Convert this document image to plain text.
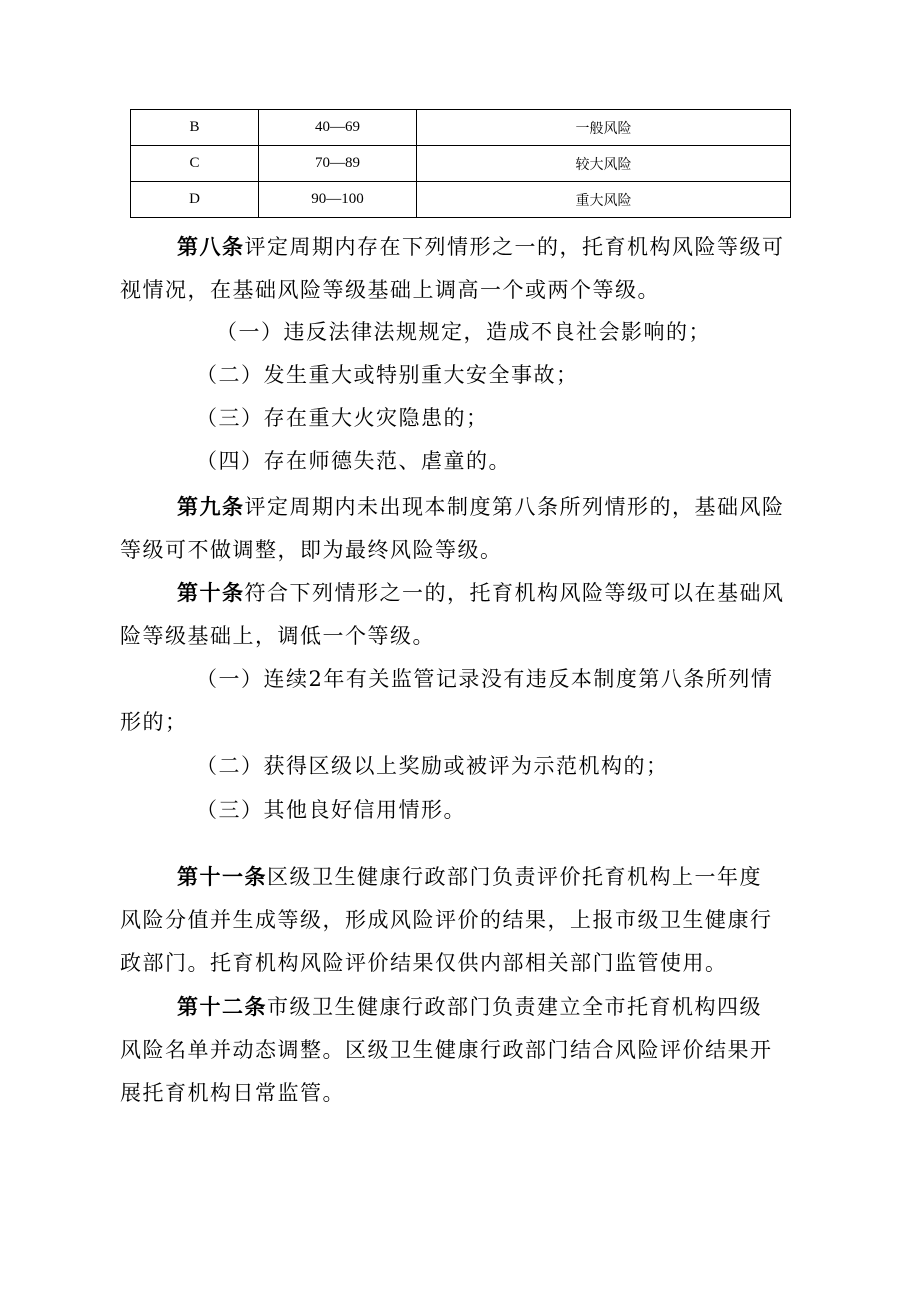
B	40—69	一般风险
C	70—89	较大风险
D	90—100	重大风险
第八条评定周期内存在下列情形之一的，托育机构风险等级可
视情况，在基础风险等级基础上调高一个或两个等级。
（一）违反法律法规规定，造成不良社会影响的；
（二）发生重大或特别重大安全事故；
（三）存在重大火灾隐患的；
（四）存在师德失范、虐童的。
第九条评定周期内未出现本制度第八条所列情形的，基础风险
等级可不做调整，即为最终风险等级。
第十条符合下列情形之一的，托育机构风险等级可以在基础风
险等级基础上，调低一个等级。
（一）连续2年有关监管记录没有违反本制度第八条所列情
形的；
（二）获得区级以上奖励或被评为示范机构的；
（三）其他良好信用情形。
第十一条区级卫生健康行政部门负责评价托育机构上一年度
风险分值并生成等级，形成风险评价的结果，上报市级卫生健康行
政部门。托育机构风险评价结果仅供内部相关部门监管使用。
第十二条市级卫生健康行政部门负责建立全市托育机构四级
风险名单并动态调整。区级卫生健康行政部门结合风险评价结果开
展托育机构日常监管。
